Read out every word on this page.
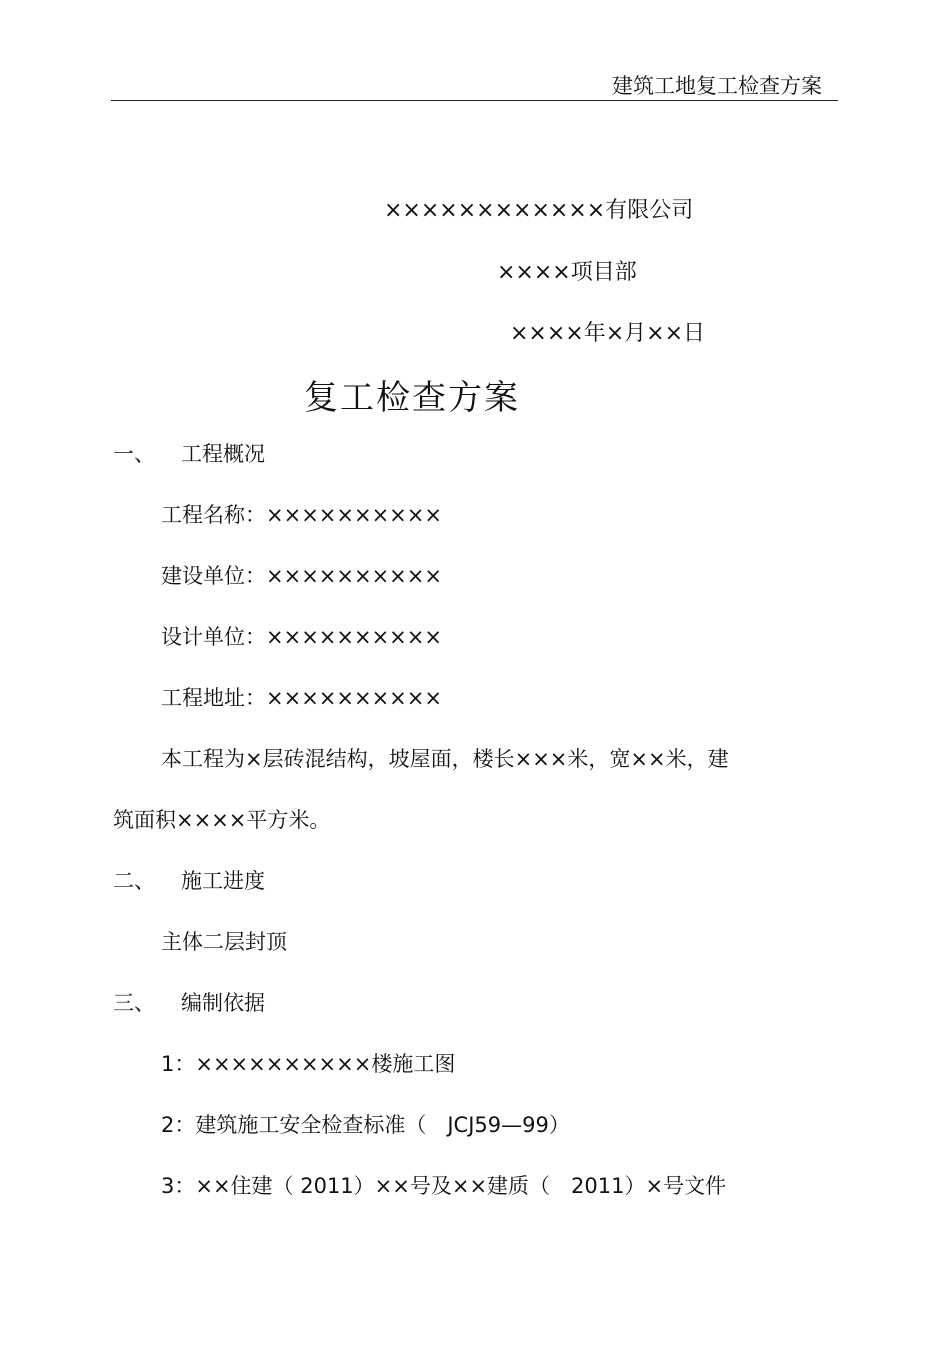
建筑工地复工检查方案
××××××××××××有限公司
××××项目部
××××年×月××日
复工检查方案
一、 工程概况
工程名称：××××××××××
建设单位：××××××××××
设计单位：××××××××××
工程地址：××××××××××
本工程为×层砖混结构，坡屋面，楼长×××米，宽××米，建
筑面积××××平方米。
二、 施工进度
主体二层封顶
三、 编制依据
1：××××××××××楼施工图
2：建筑施工安全检查标准（　JCJ59—99）
3：××住建（ 2011）××号及××建质（　2011）×号文件
